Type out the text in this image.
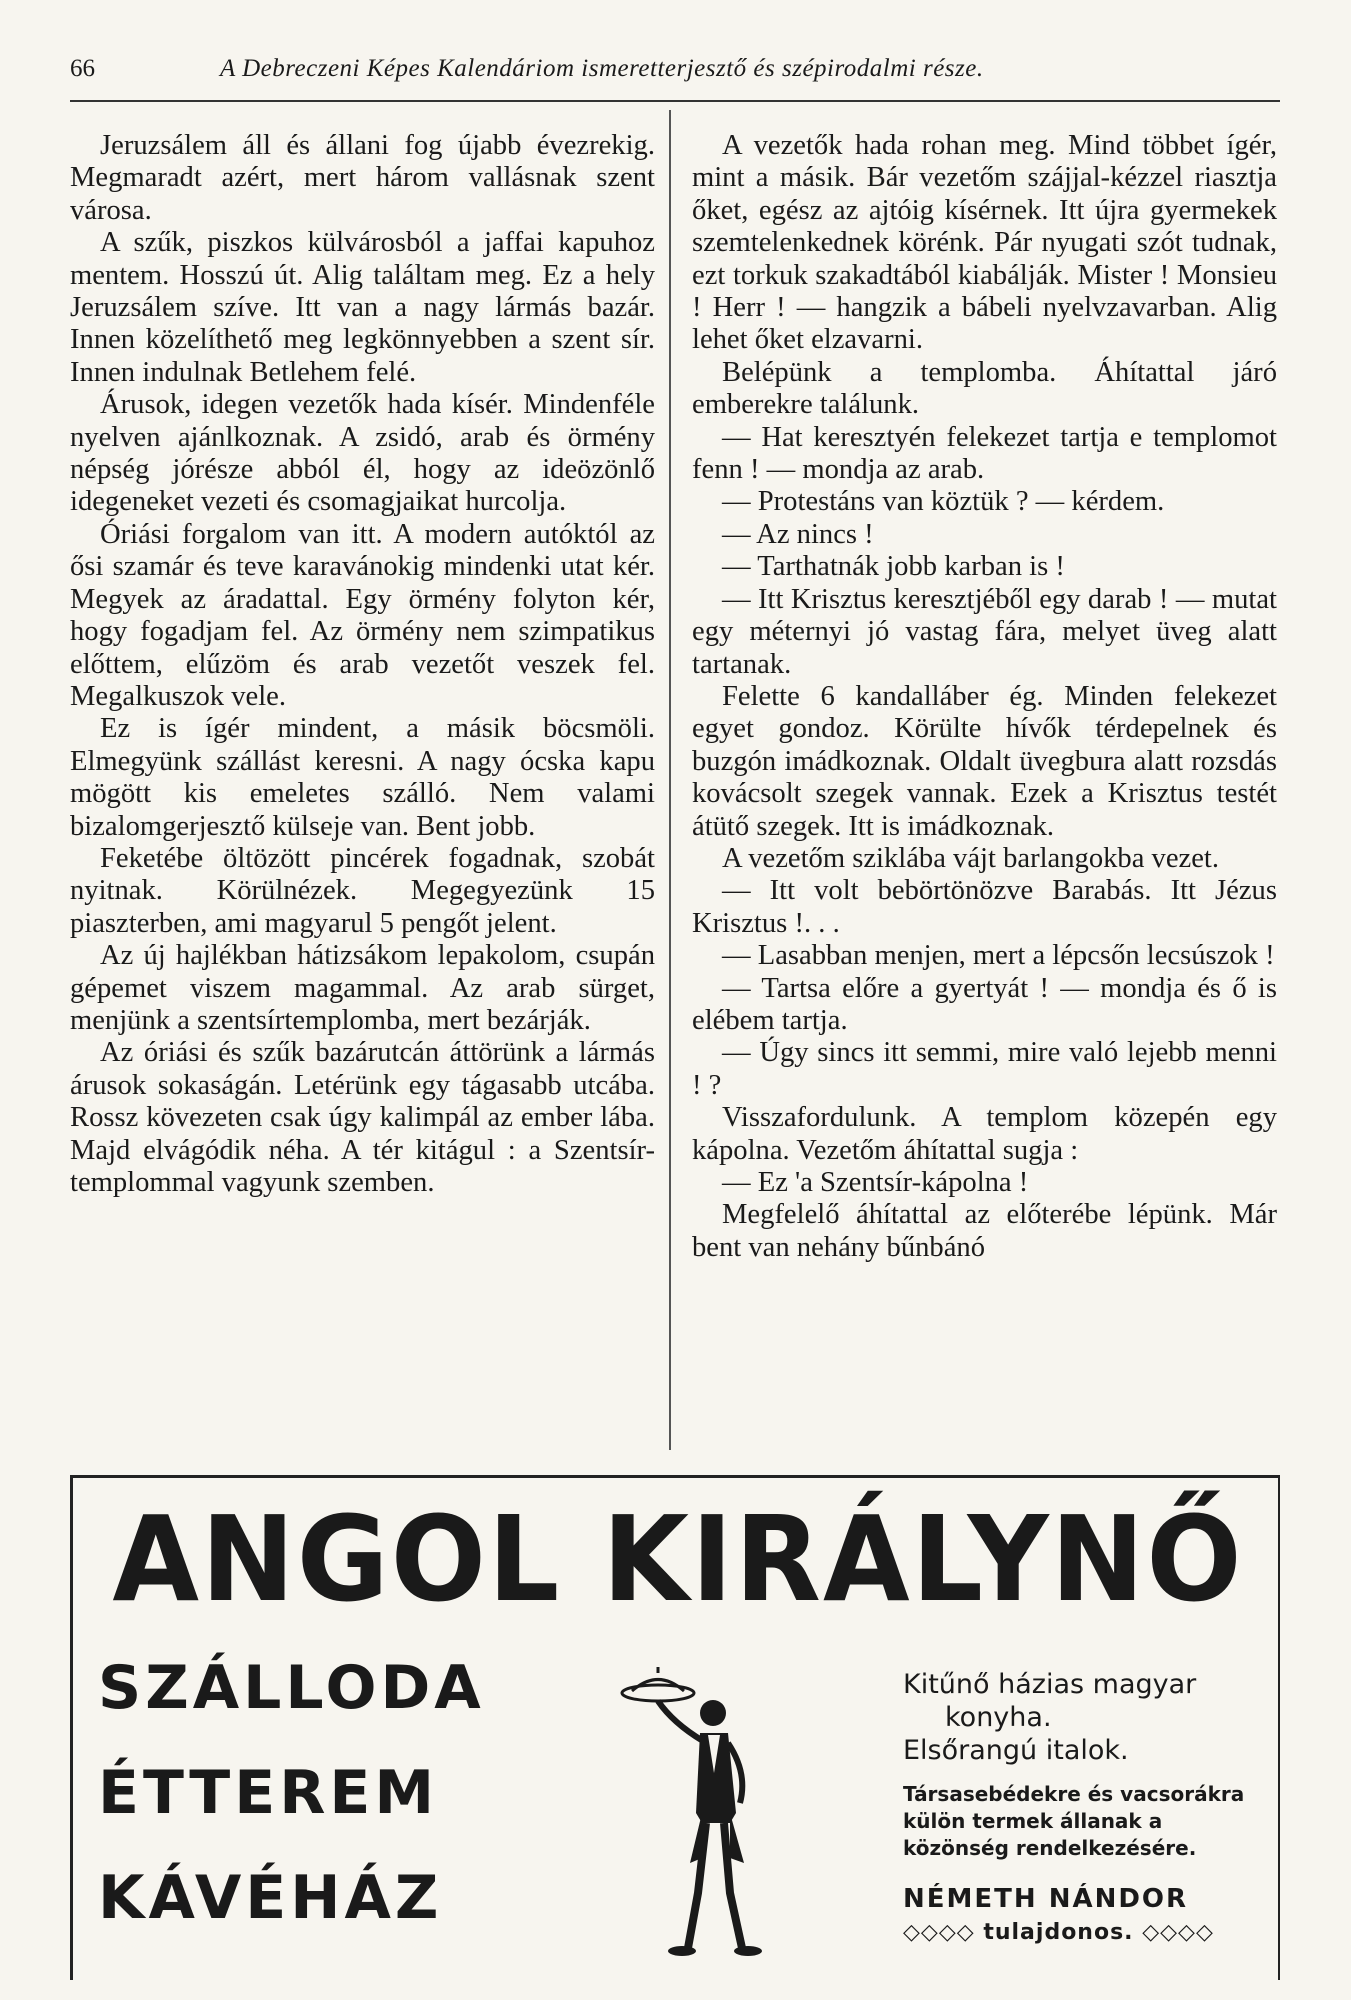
66	A Debreczeni Képes Kalendáriom ismeretterjesztő és szépirodalmi része.

Jeruzsálem áll és állani fog újabb évezrekig. Megmaradt azért, mert három vallásnak szent városa.

A szűk, piszkos külvárosból a jaffai kapuhoz mentem. Hosszú út. Alig találtam meg. Ez a hely Jeruzsálem szíve. Itt van a nagy lármás bazár. Innen közelíthető meg legkönnyebben a szent sír. Innen indulnak Betlehem felé.

Árusok, idegen vezetők hada kísér. Mindenféle nyelven ajánlkoznak. A zsidó, arab és örmény népség jórésze abból él, hogy az ideözönlő idegeneket vezeti és csomagjaikat hurcolja.

Óriási forgalom van itt. A modern autóktól az ősi szamár és teve karavánokig mindenki utat kér. Megyek az áradattal. Egy örmény folyton kér, hogy fogadjam fel. Az örmény nem szimpatikus előttem, elűzöm és arab vezetőt veszek fel. Megalkuszok vele.

Ez is ígér mindent, a másik böcsmöli. Elmegyünk szállást keresni. A nagy ócska kapu mögött kis emeletes szálló. Nem valami bizalomgerjesztő külseje van. Bent jobb.

Feketébe öltözött pincérek fogadnak, szobát nyitnak. Körülnézek. Megegyezünk 15 piaszterben, ami magyarul 5 pengőt jelent.

Az új hajlékban hátizsákom lepakolom, csupán gépemet viszem magammal. Az arab sürget, menjünk a szentsírtemplomba, mert bezárják.

Az óriási és szűk bazárutcán áttörünk a lármás árusok sokaságán. Letérünk egy tágasabb utcába. Rossz kövezeten csak úgy kalimpál az ember lába. Majd elvágódik néha. A tér kitágul : a Szentsír-templommal vagyunk szemben.

A vezetők hada rohan meg. Mind többet ígér, mint a másik. Bár vezetőm szájjal-kézzel riasztja őket, egész az ajtóig kísérnek. Itt újra gyermekek szemtelenkednek körénk. Pár nyugati szót tudnak, ezt torkuk szakadtából kiabálják. Mister ! Monsieu ! Herr ! — hangzik a bábeli nyelvzavarban. Alig lehet őket elzavarni.

Belépünk a templomba. Áhítattal járó emberekre találunk.

— Hat keresztyén felekezet tartja e templomot fenn ! — mondja az arab.

— Protestáns van köztük ? — kérdem.

— Az nincs !

— Tarthatnák jobb karban is !

— Itt Krisztus keresztjéből egy darab ! — mutat egy méternyi jó vastag fára, melyet üveg alatt tartanak.

Felette 6 kandalláber ég. Minden felekezet egyet gondoz. Körülte hívők térdepelnek és buzgón imádkoznak. Oldalt üvegbura alatt rozsdás kovácsolt szegek vannak. Ezek a Krisztus testét átütő szegek. Itt is imádkoznak.

A vezetőm sziklába vájt barlangokba vezet.

— Itt volt bebörtönözve Barabás. Itt Jézus Krisztus !. . .

— Lasabban menjen, mert a lépcsőn lecsúszok !

— Tartsa előre a gyertyát ! — mondja és ő is elébem tartja.

— Úgy sincs itt semmi, mire való lejebb menni ! ?

Visszafordulunk. A templom közepén egy kápolna. Vezetőm áhítattal sugja :

— Ez 'a Szentsír-kápolna !

Megfelelő áhítattal az előterébe lépünk. Már bent van nehány bűnbánó

ANGOL KIRÁLYNŐ
SZÁLLODA
ÉTTEREM
KÁVÉHÁZ

Kitűnő házias magyar

konyha.

Elsőrangú italok.

Társasebédekre és vacsorákra külön termek állanak a közönség rendelkezésére.

NÉMETH NÁNDOR

◇◇◇◇ tulajdonos. ◇◇◇◇
